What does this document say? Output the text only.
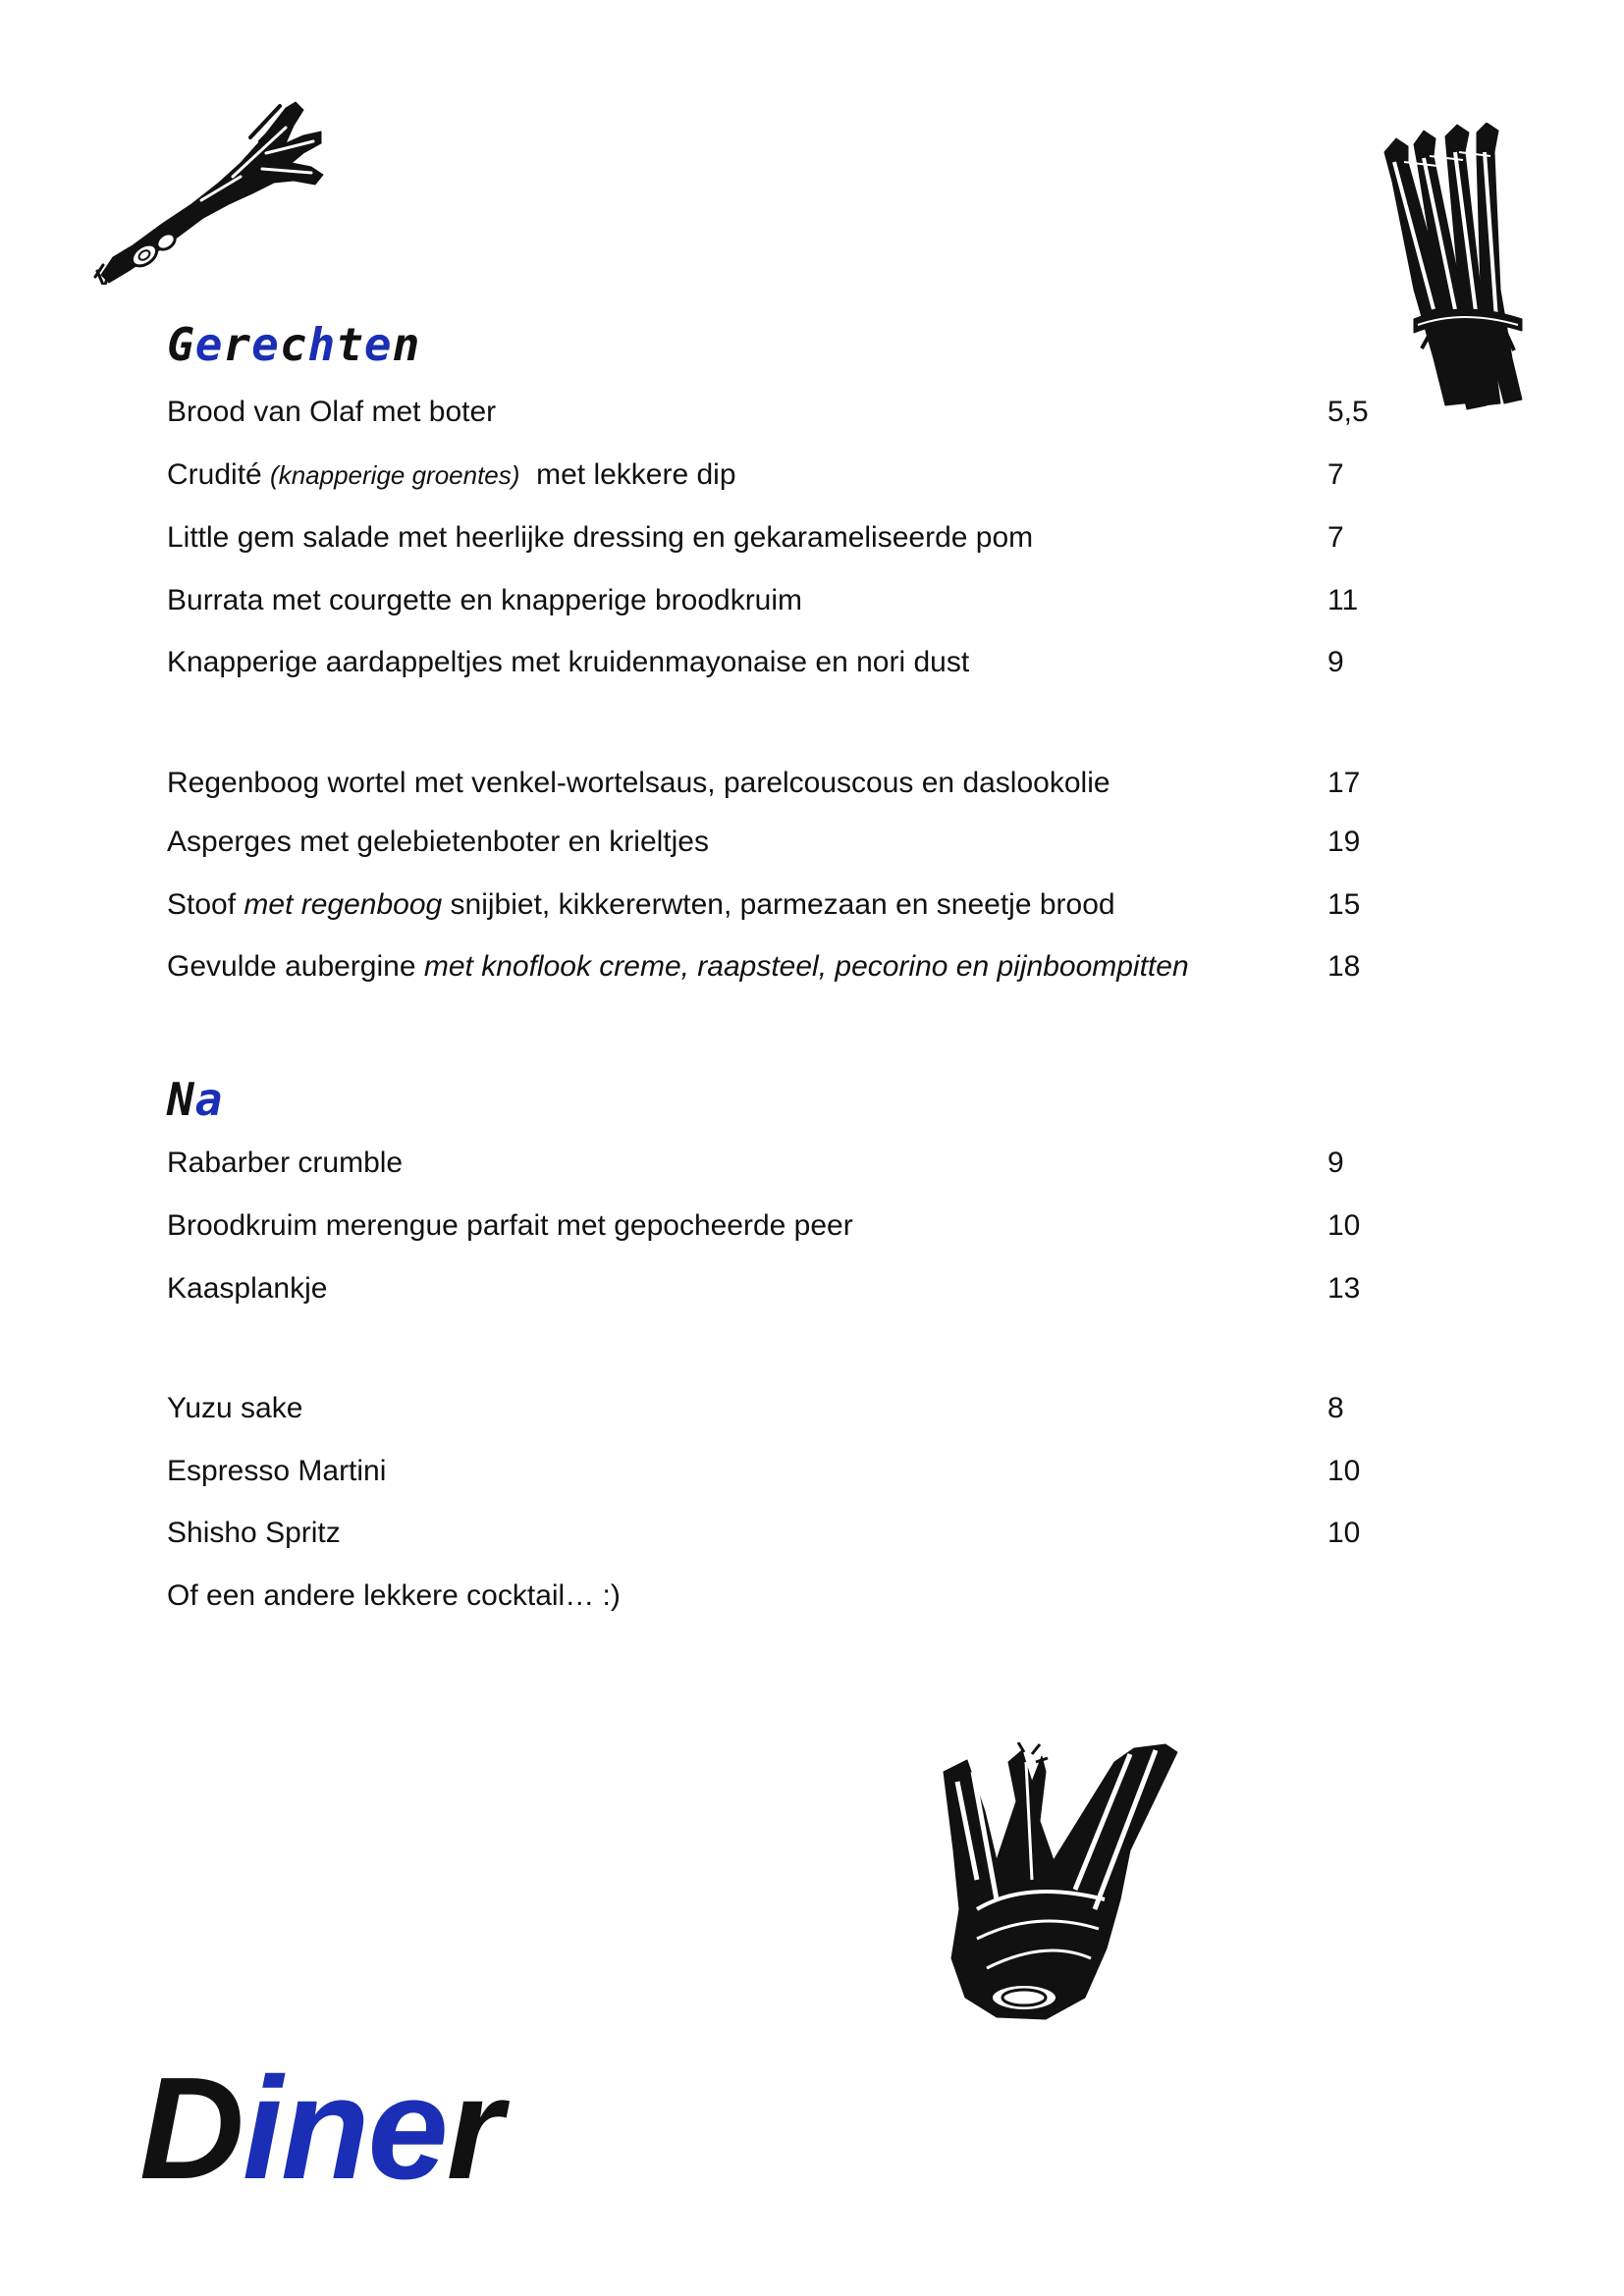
Gerechten
Brood van Olaf met boter	5,5
Crudité (knapperige groentes)  met lekkere dip	7
Little gem salade met heerlijke dressing en gekarameliseerde pom	7
Burrata met courgette en knapperige broodkruim	11
Knapperige aardappeltjes met kruidenmayonaise en nori dust	9
Regenboog wortel met venkel-wortelsaus, parelcouscous en daslookolie	17
Asperges met gelebietenboter en krieltjes	19
Stoof met regenboog snijbiet, kikkererwten, parmezaan en sneetje brood	15
Gevulde aubergine met knoflook creme, raapsteel, pecorino en pijnboompitten	18
Na
Rabarber crumble	9
Broodkruim merengue parfait met gepocheerde peer	10
Kaasplankje	13
Yuzu sake	8
Espresso Martini	10
Shisho Spritz	10
Of een andere lekkere cocktail… :)
Diner
